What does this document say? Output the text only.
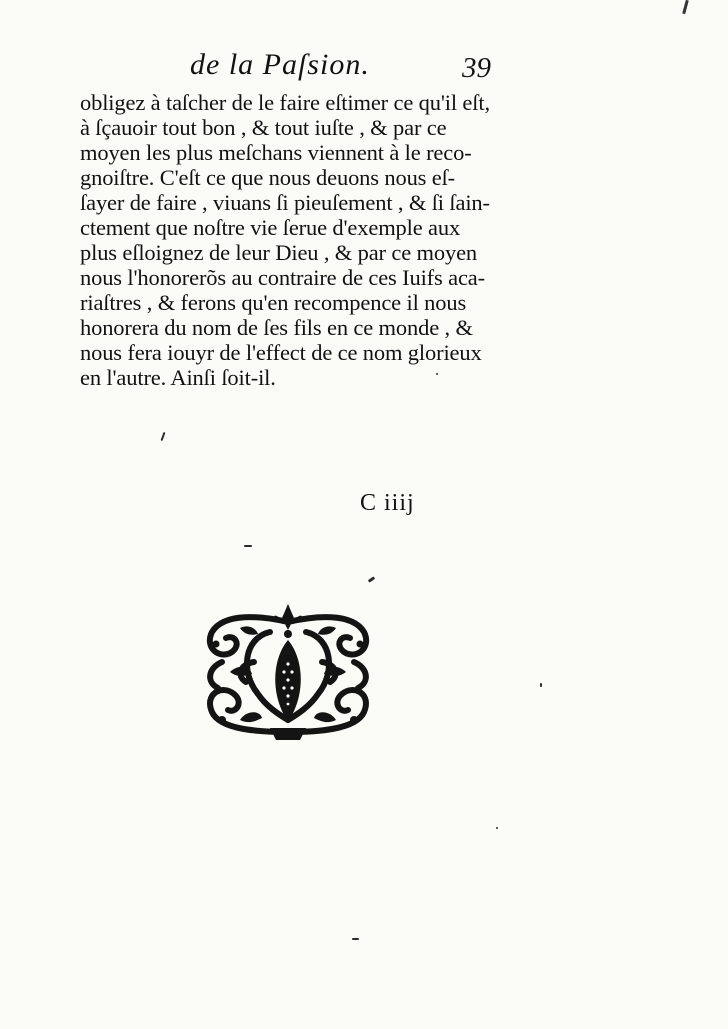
de la Paſsion.	39
obligez à taſcher de le faire eſtimer ce qu'il eſt,
à ſçauoir tout bon , & tout iuſte , & par ce
moyen les plus meſchans viennent à le reco-
gnoiſtre. C'eſt ce que nous deuons nous eſ-
ſayer de faire , viuans ſi pieuſement , & ſi ſain-
ctement que noſtre vie ſerue d'exemple aux
plus eſloignez de leur Dieu , & par ce moyen
nous l'honorerõs au contraire de ces Iuifs aca-
riaſtres , & ferons qu'en recompence il nous
honorera du nom de ſes fils en ce monde , &
nous fera iouyr de l'effect de ce nom glorieux
en l'autre. Ainſi ſoit-il.
C iiij
